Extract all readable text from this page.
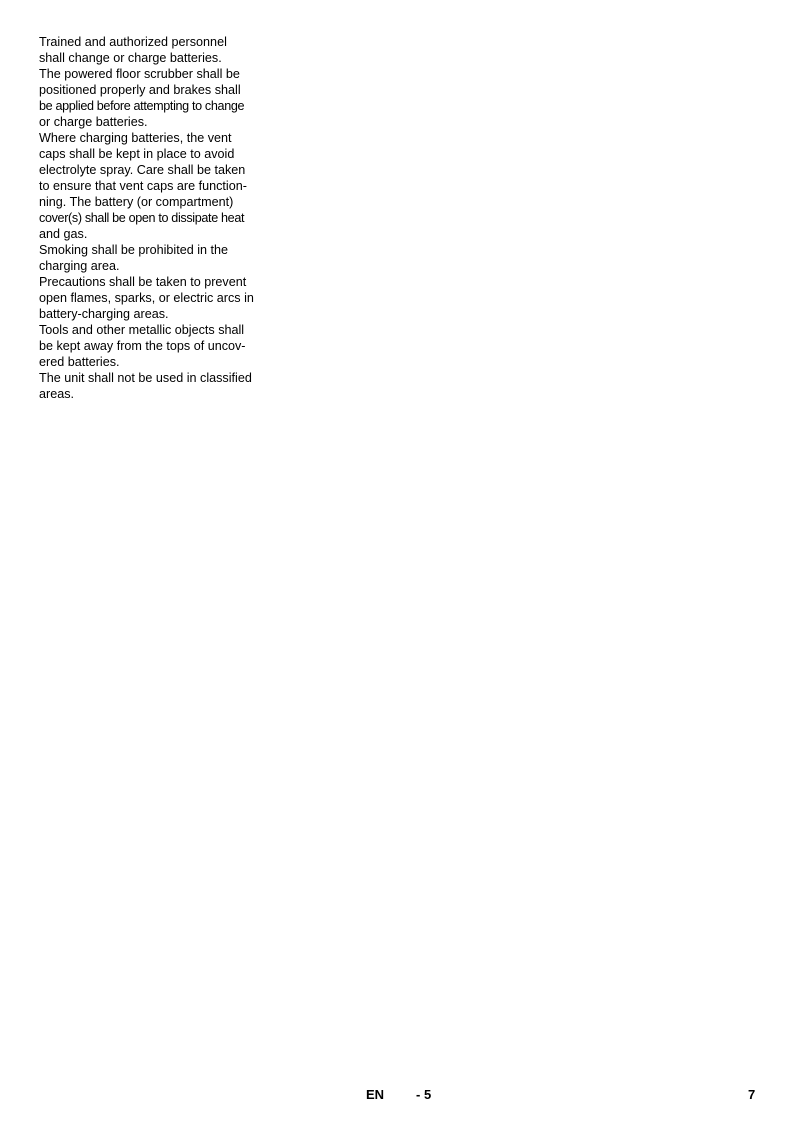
Trained and authorized personnel
shall change or charge batteries.
The powered floor scrubber shall be
positioned properly and brakes shall
be applied before attempting to change
or charge batteries.
Where charging batteries, the vent
caps shall be kept in place to avoid
electrolyte spray. Care shall be taken
to ensure that vent caps are function-
ning. The battery (or compartment)
cover(s) shall be open to dissipate heat
and gas.
Smoking shall be prohibited in the
charging area.
Precautions shall be taken to prevent
open flames, sparks, or electric arcs in
battery-charging areas.
Tools and other metallic objects shall
be kept away from the tops of uncov-
ered batteries.
The unit shall not be used in classified
areas.
EN - 5	7
